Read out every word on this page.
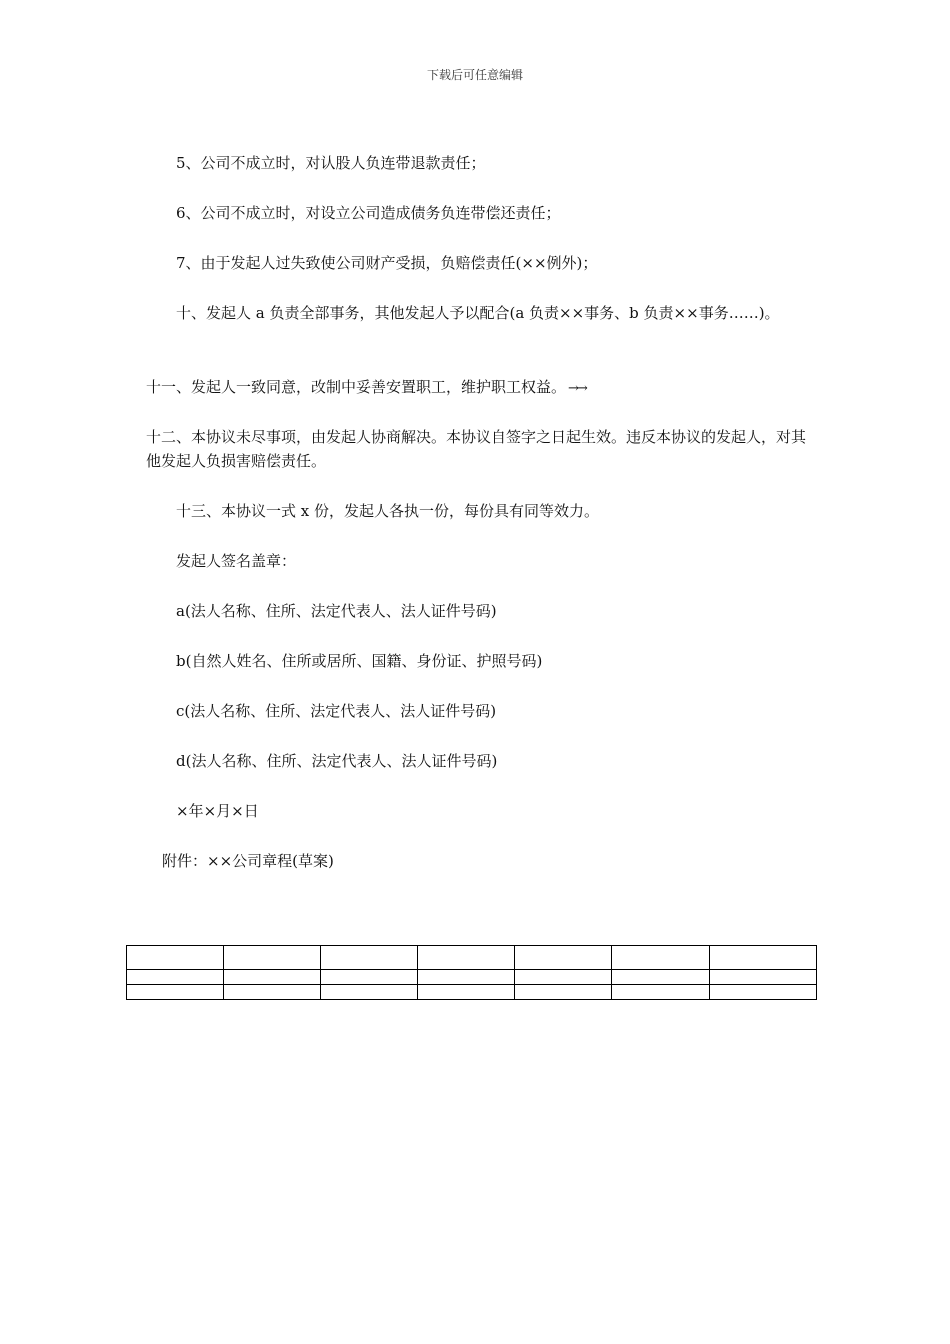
下载后可任意编辑
5、公司不成立时，对认股人负连带退款责任；
6、公司不成立时，对设立公司造成债务负连带偿还责任；
7、由于发起人过失致使公司财产受损，负赔偿责任(××例外)；
十、发起人 a 负责全部事务，其他发起人予以配合(a 负责××事务、b 负责××事务……)。
十一、发起人一致同意，改制中妥善安置职工，维护职工权益。 →→
十二、本协议未尽事项，由发起人协商解决。本协议自签字之日起生效。违反本协议的发起人，对其他发起人负损害赔偿责任。
十三、本协议一式 x 份，发起人各执一份，每份具有同等效力。
发起人签名盖章：
a(法人名称、住所、法定代表人、法人证件号码)
b(自然人姓名、住所或居所、国籍、身份证、护照号码)
c(法人名称、住所、法定代表人、法人证件号码)
d(法人名称、住所、法定代表人、法人证件号码)
×年×月×日
附件：××公司章程(草案)
